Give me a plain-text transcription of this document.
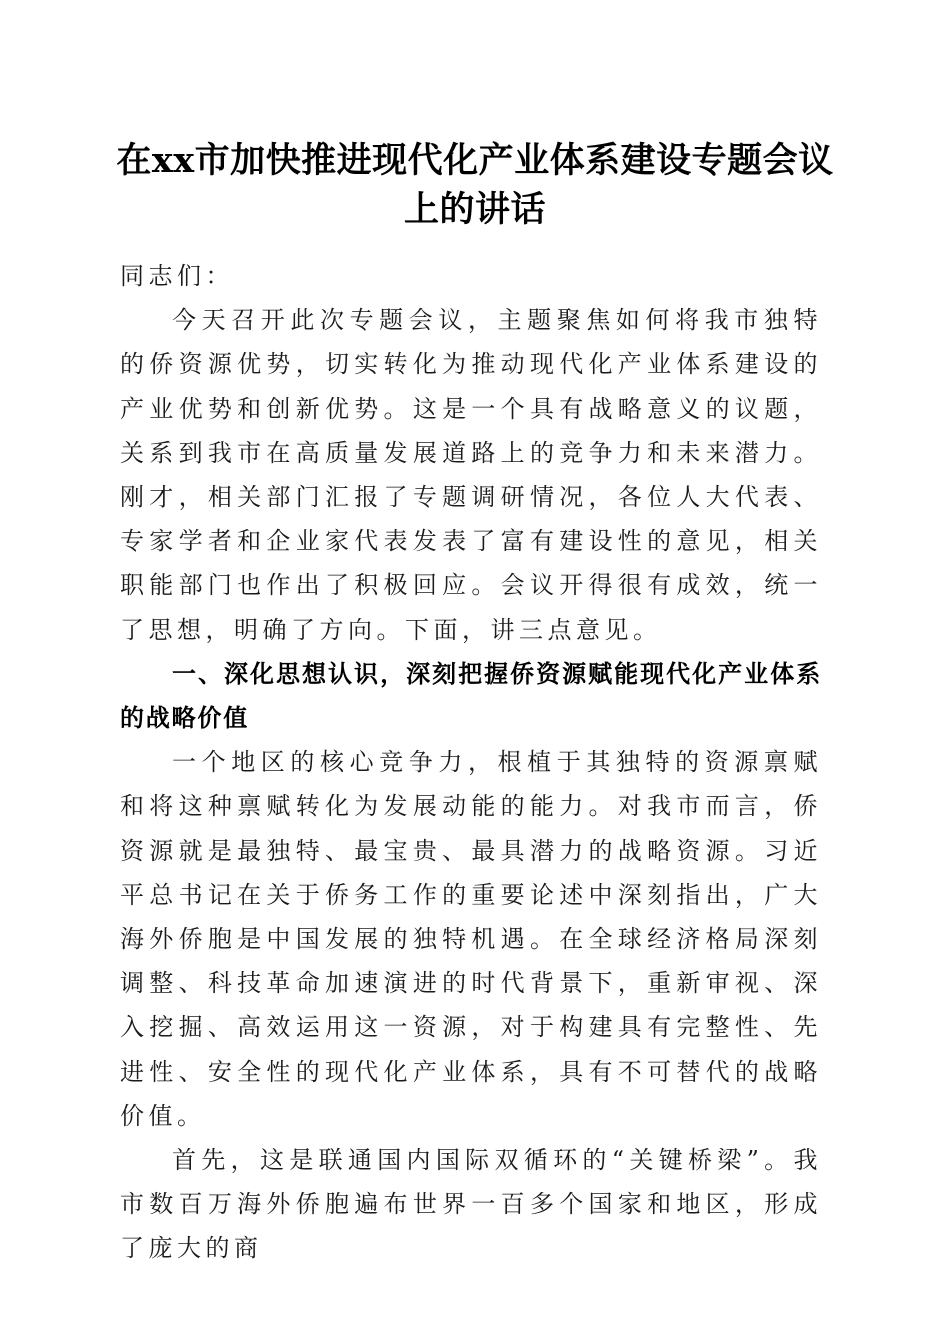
在xx市加快推进现代化产业体系建设专题会议上的讲话

同志们：

今天召开此次专题会议，主题聚焦如何将我市独特的侨资源优势，切实转化为推动现代化产业体系建设的产业优势和创新优势。这是一个具有战略意义的议题，关系到我市在高质量发展道路上的竞争力和未来潜力。刚才，相关部门汇报了专题调研情况，各位人大代表、专家学者和企业家代表发表了富有建设性的意见，相关职能部门也作出了积极回应。会议开得很有成效，统一了思想，明确了方向。下面，讲三点意见。

一、深化思想认识，深刻把握侨资源赋能现代化产业体系的战略价值

一个地区的核心竞争力，根植于其独特的资源禀赋和将这种禀赋转化为发展动能的能力。对我市而言，侨资源就是最独特、最宝贵、最具潜力的战略资源。习近平总书记在关于侨务工作的重要论述中深刻指出，广大海外侨胞是中国发展的独特机遇。在全球经济格局深刻调整、科技革命加速演进的时代背景下，重新审视、深入挖掘、高效运用这一资源，对于构建具有完整性、先进性、安全性的现代化产业体系，具有不可替代的战略价值。

首先，这是联通国内国际双循环的“关键桥梁”。我市数百万海外侨胞遍布世界一百多个国家和地区，形成了庞大的商
